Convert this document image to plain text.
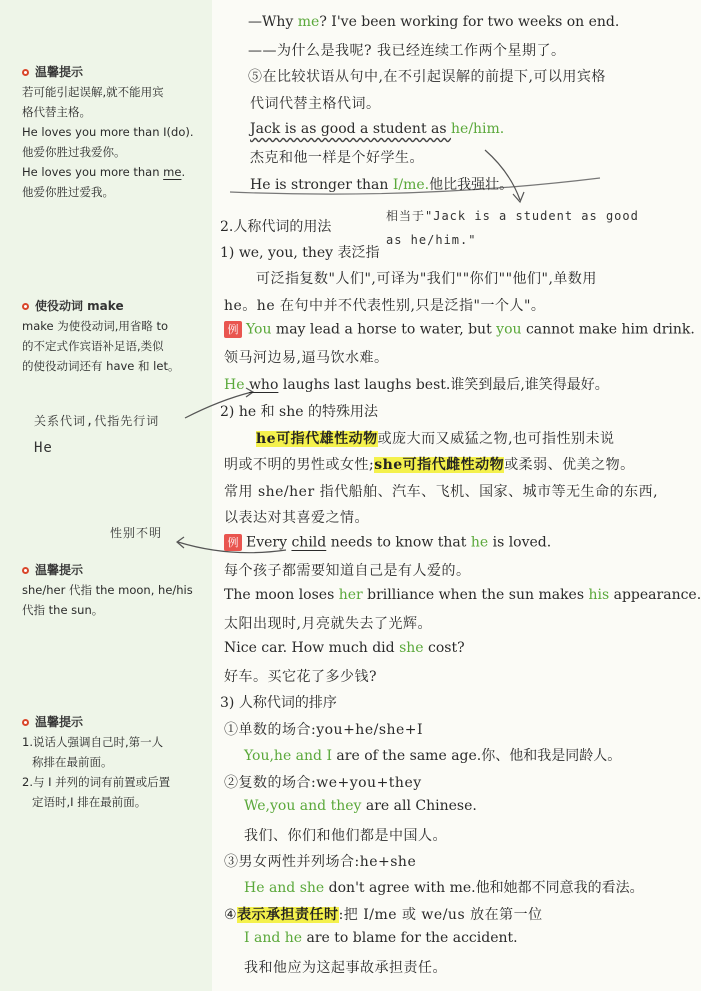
温馨提示

若可能引起误解,就不能用宾

格代替主格。

He loves you more than I(do).

他爱你胜过我爱你。

He loves you more than me.

他爱你胜过爱我。

使役动词 make

make 为使役动词,用省略 to

的不定式作宾语补足语,类似

的使役动词还有 have 和 let。

关系代词,代指先行词
He
性别不明
温馨提示

she/her 代指 the moon, he/his

代指 the sun。

温馨提示

1.说话人强调自己时,第一人

称排在最前面。

2.与 I 并列的词有前置或后置

定语时,I 排在最前面。

—Why me? I've been working for two weeks on end.
——为什么是我呢? 我已经连续工作两个星期了。
⑤在比较状语从句中,在不引起误解的前提下,可以用宾格
代词代替主格代词。
Jack is as good a student as he/him.
杰克和他一样是个好学生。
He is stronger than I/me.他比我强壮。
相当于"Jack is a student as good
as he/him."
2.人称代词的用法
1) we, you, they 表泛指
可泛指复数"人们",可译为"我们""你们""他们",单数用
he。he 在句中并不代表性别,只是泛指"一个人"。
例 You may lead a horse to water, but you cannot make him drink.
领马河边易,逼马饮水难。
He who laughs last laughs best.谁笑到最后,谁笑得最好。
2) he 和 she 的特殊用法
he可指代雄性动物或庞大而又威猛之物,也可指性别未说
明或不明的男性或女性;she可指代雌性动物或柔弱、优美之物。
常用 she/her 指代船舶、汽车、飞机、国家、城市等无生命的东西,
以表达对其喜爱之情。
例 Every child needs to know that he is loved.
每个孩子都需要知道自己是有人爱的。
The moon loses her brilliance when the sun makes his appearance.
太阳出现时,月亮就失去了光辉。
Nice car. How much did she cost?
好车。买它花了多少钱?
3) 人称代词的排序
①单数的场合:you+he/she+I
You,he and I are of the same age.你、他和我是同龄人。
②复数的场合:we+you+they
We,you and they are all Chinese.
我们、你们和他们都是中国人。
③男女两性并列场合:he+she
He and she don't agree with me.他和她都不同意我的看法。
④表示承担责任时:把 I/me 或 we/us 放在第一位
I and he are to blame for the accident.
我和他应为这起事故承担责任。
